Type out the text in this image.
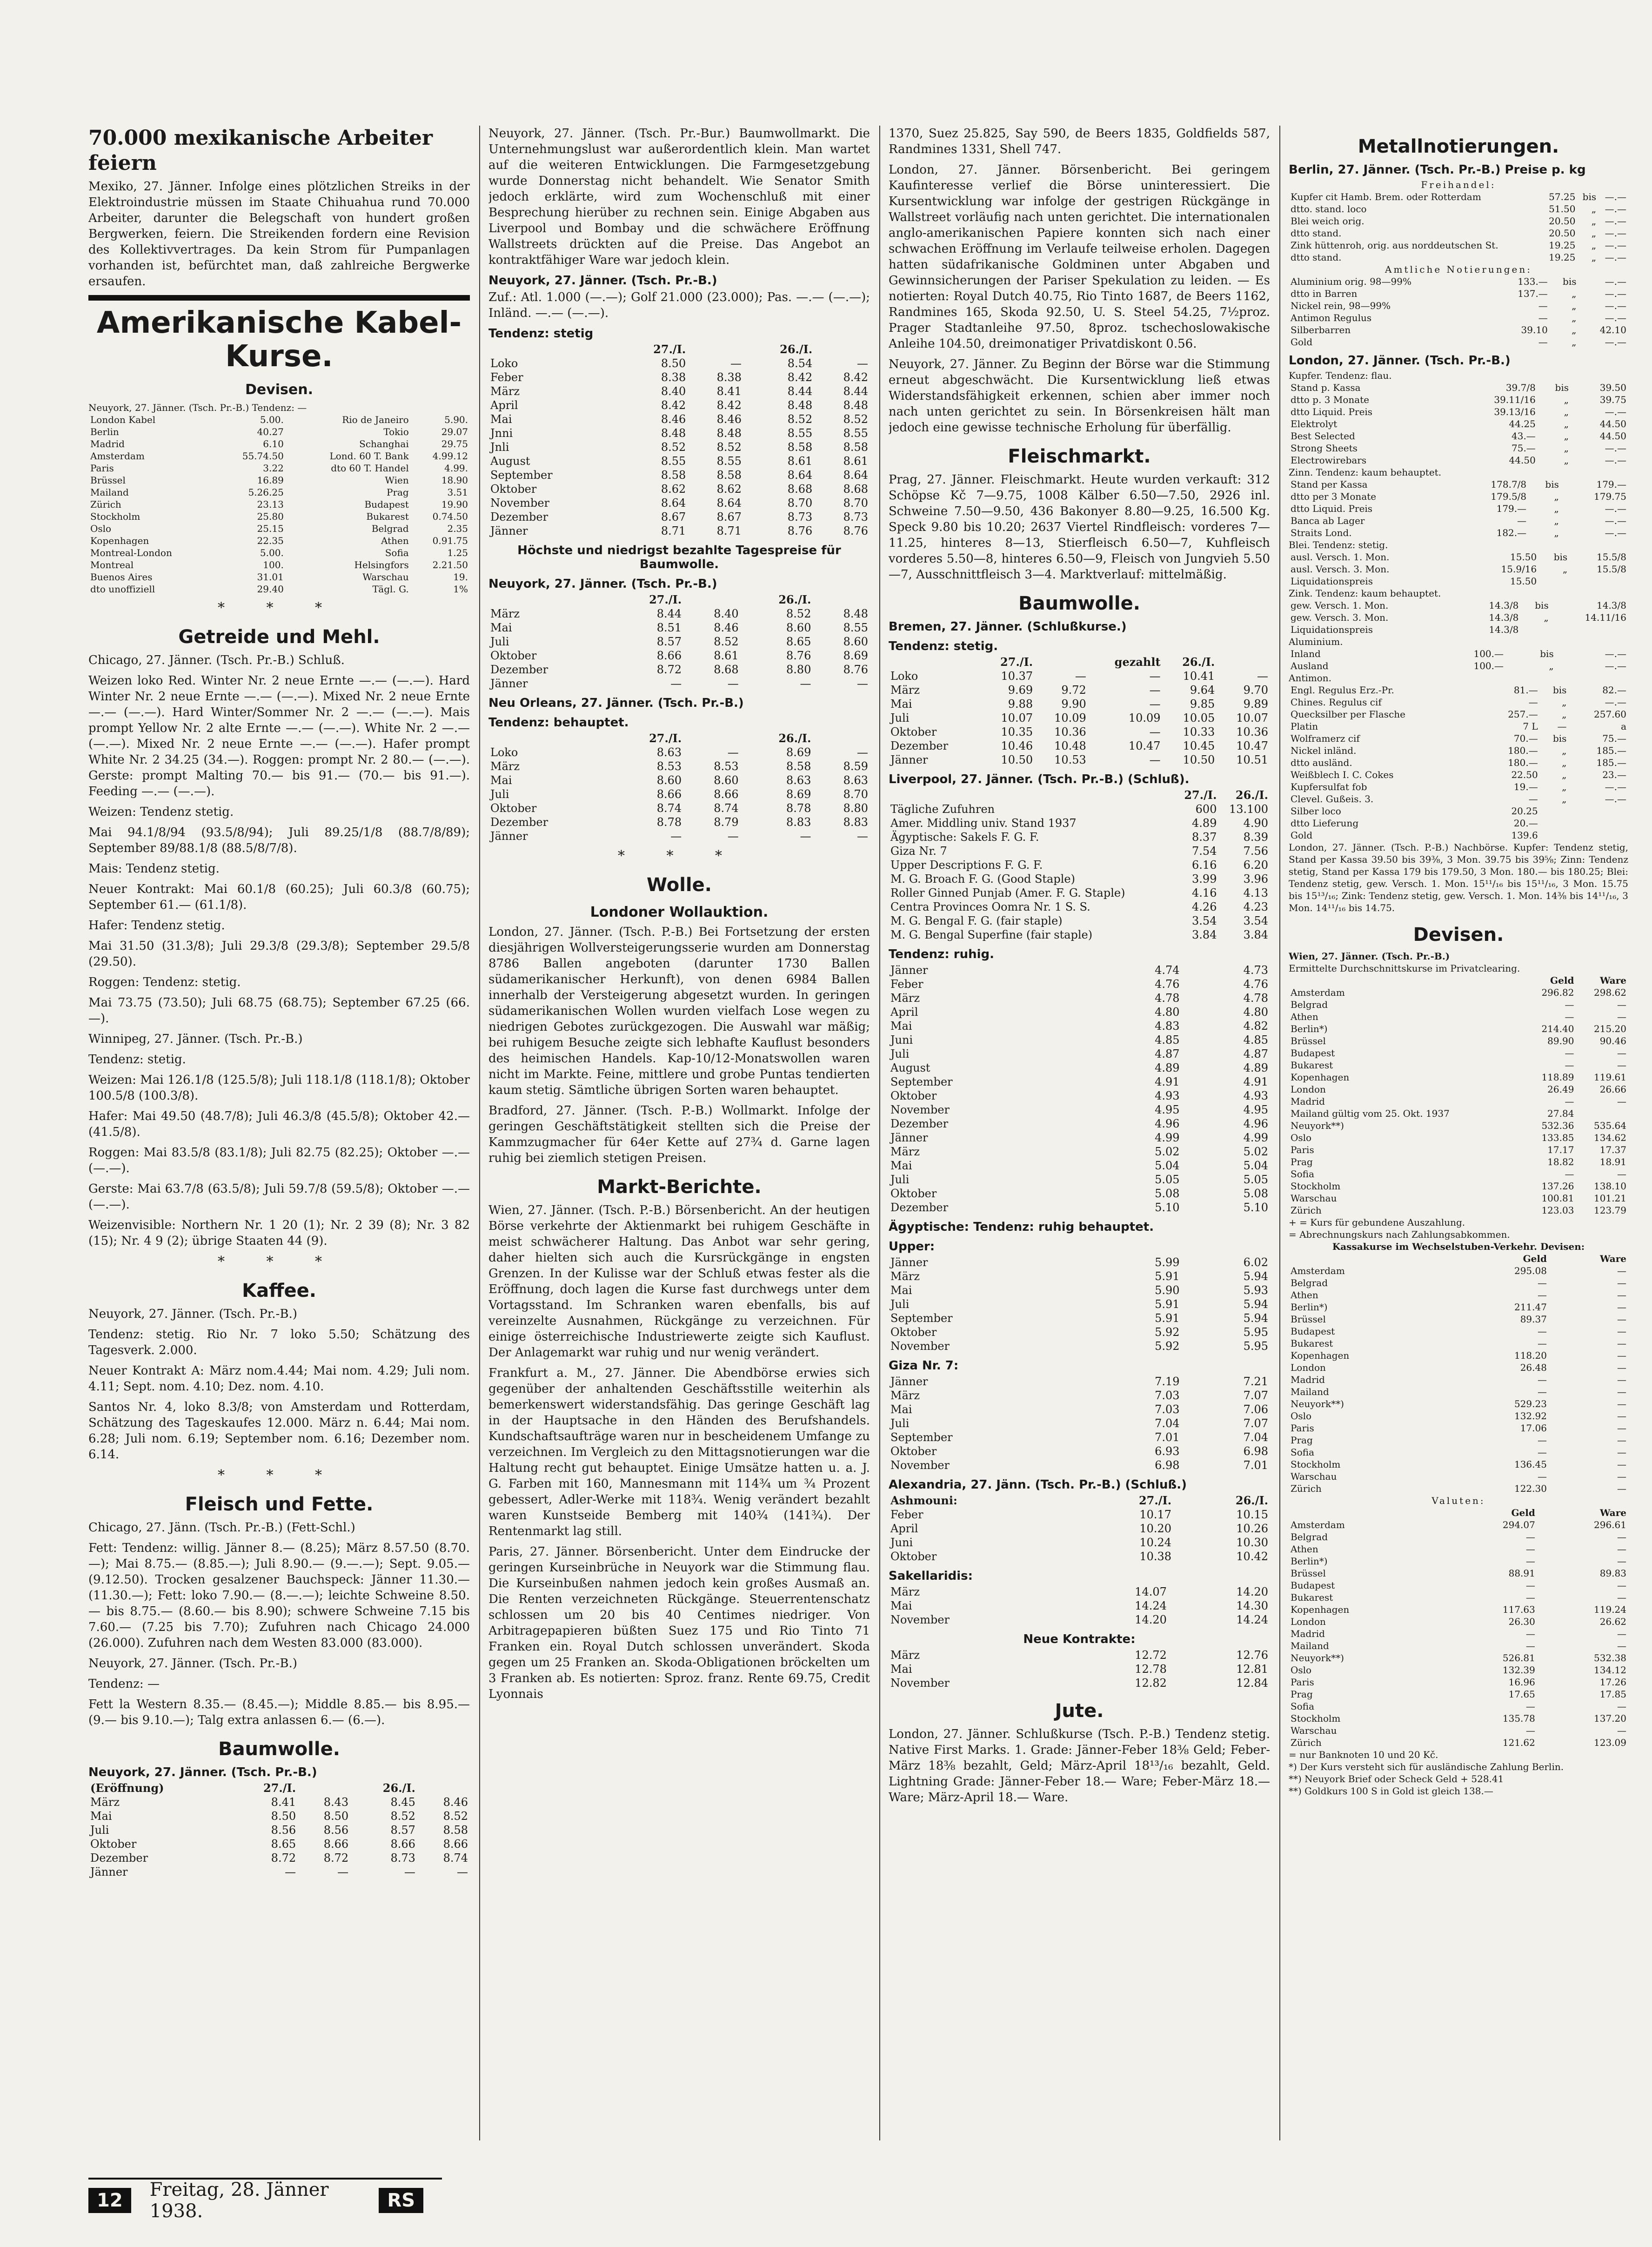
70.000 mexikanische Arbeiter feiern
Mexiko, 27. Jänner. Infolge eines plötzlichen Streiks in der Elektroindustrie müssen im Staate Chihuahua rund 70.000 Arbeiter, darunter die Belegschaft von hundert großen Bergwerken, feiern. Die Streikenden fordern eine Revision des Kollektivvertrages. Da kein Strom für Pumpanlagen vorhanden ist, befürchtet man, daß zahlreiche Bergwerke ersaufen.
Amerikanische Kabel-Kurse.
Devisen.
Neuyork, 27. Jänner. (Tsch. Pr.-B.) Tendenz: —
London Kabel	5.00.	Rio de Janeiro	5.90.
Berlin	40.27	Tokio	29.07
Madrid	6.10	Schanghai	29.75
Amsterdam	55.74.50	Lond. 60 T. Bank	4.99.12
Paris	3.22	dto 60 T. Handel	4.99.
Brüssel	16.89	Wien	18.90
Mailand	5.26.25	Prag	3.51
Zürich	23.13	Budapest	19.90
Stockholm	25.80	Bukarest	0.74.50
Oslo	25.15	Belgrad	2.35
Kopenhagen	22.35	Athen	0.91.75
Montreal-London	5.00.	Sofia	1.25
Montreal	100.	Helsingfors	2.21.50
Buenos Aires	31.01	Warschau	19.
dto unoffiziell	29.40	Tägl. G.	1%
* * *
Getreide und Mehl.
Chicago, 27. Jänner. (Tsch. Pr.-B.) Schluß.
Weizen loko Red. Winter Nr. 2 neue Ernte —.— (—.—). Hard Winter Nr. 2 neue Ernte —.— (—.—). Mixed Nr. 2 neue Ernte —.— (—.—). Hard Winter/Sommer Nr. 2 —.— (—.—). Mais prompt Yellow Nr. 2 alte Ernte —.— (—.—). White Nr. 2 —.— (—.—). Mixed Nr. 2 neue Ernte —.— (—.—). Hafer prompt White Nr. 2 34.25 (34.—). Roggen: prompt Nr. 2 80.— (—.—). Gerste: prompt Malting 70.— bis 91.— (70.— bis 91.—). Feeding —.— (—.—).
Weizen: Tendenz stetig.
Mai 94.1/8/94 (93.5/8/94); Juli 89.25/1/8 (88.7/8/89); September 89/88.1/8 (88.5/8/7/8).
Mais: Tendenz stetig.
Neuer Kontrakt: Mai 60.1/8 (60.25); Juli 60.3/8 (60.75); September 61.— (61.1/8).
Hafer: Tendenz stetig.
Mai 31.50 (31.3/8); Juli 29.3/8 (29.3/8); September 29.5/8 (29.50).
Roggen: Tendenz: stetig.
Mai 73.75 (73.50); Juli 68.75 (68.75); September 67.25 (66.—).
Winnipeg, 27. Jänner. (Tsch. Pr.-B.)
Tendenz: stetig.
Weizen: Mai 126.1/8 (125.5/8); Juli 118.1/8 (118.1/8); Oktober 100.5/8 (100.3/8).
Hafer: Mai 49.50 (48.7/8); Juli 46.3/8 (45.5/8); Oktober 42.— (41.5/8).
Roggen: Mai 83.5/8 (83.1/8); Juli 82.75 (82.25); Oktober —.— (—.—).
Gerste: Mai 63.7/8 (63.5/8); Juli 59.7/8 (59.5/8); Oktober —.— (—.—).
Weizenvisible: Northern Nr. 1 20 (1); Nr. 2 39 (8); Nr. 3 82 (15); Nr. 4 9 (2); übrige Staaten 44 (9).
* * *
Kaffee.
Neuyork, 27. Jänner. (Tsch. Pr.-B.)
Tendenz: stetig. Rio Nr. 7 loko 5.50; Schätzung des Tagesverk. 2.000.
Neuer Kontrakt A: März nom.4.44; Mai nom. 4.29; Juli nom. 4.11; Sept. nom. 4.10; Dez. nom. 4.10.
Santos Nr. 4, loko 8.3/8; von Amsterdam und Rotterdam, Schätzung des Tageskaufes 12.000. März n. 6.44; Mai nom. 6.28; Juli nom. 6.19; September nom. 6.16; Dezember nom. 6.14.
* * *
Fleisch und Fette.
Chicago, 27. Jänn. (Tsch. Pr.-B.) (Fett-Schl.)
Fett: Tendenz: willig. Jänner 8.— (8.25); März 8.57.50 (8.70.—); Mai 8.75.— (8.85.—); Juli 8.90.— (9.—.—); Sept. 9.05.— (9.12.50). Trocken gesalzener Bauchspeck: Jänner 11.30.— (11.30.—); Fett: loko 7.90.— (8.—.—); leichte Schweine 8.50.— bis 8.75.— (8.60.— bis 8.90); schwere Schweine 7.15 bis 7.60.— (7.25 bis 7.70); Zufuhren nach Chicago 24.000 (26.000). Zufuhren nach dem Westen 83.000 (83.000).
Neuyork, 27. Jänner. (Tsch. Pr.-B.)
Tendenz: —
Fett la Western 8.35.— (8.45.—); Middle 8.85.— bis 8.95.— (9.— bis 9.10.—); Talg extra anlassen 6.— (6.—).
Baumwolle.
Neuyork, 27. Jänner. (Tsch. Pr.-B.)
(Eröffnung)	27./I.		26./I.	
März	8.41	8.43	8.45	8.46
Mai	8.50	8.50	8.52	8.52
Juli	8.56	8.56	8.57	8.58
Oktober	8.65	8.66	8.66	8.66
Dezember	8.72	8.72	8.73	8.74
Jänner	—	—	—	—
Neuyork, 27. Jänner. (Tsch. Pr.-Bur.) Baumwollmarkt. Die Unternehmungslust war außerordentlich klein. Man wartet auf die weiteren Entwicklungen. Die Farmgesetzgebung wurde Donnerstag nicht behandelt. Wie Senator Smith jedoch erklärte, wird zum Wochenschluß mit einer Besprechung hierüber zu rechnen sein. Einige Abgaben aus Liverpool und Bombay und die schwächere Eröffnung Wallstreets drückten auf die Preise. Das Angebot an kontraktfähiger Ware war jedoch klein.
Neuyork, 27. Jänner. (Tsch. Pr.-B.)
Zuf.: Atl. 1.000 (—.—); Golf 21.000 (23.000); Pas. —.— (—.—); Inländ. —.— (—.—).
Tendenz: stetig
	27./I.		26./I.	
Loko	8.50	—	8.54	—
Feber	8.38	8.38	8.42	8.42
März	8.40	8.41	8.44	8.44
April	8.42	8.42	8.48	8.48
Mai	8.46	8.46	8.52	8.52
Jnni	8.48	8.48	8.55	8.55
Jnli	8.52	8.52	8.58	8.58
August	8.55	8.55	8.61	8.61
September	8.58	8.58	8.64	8.64
Oktober	8.62	8.62	8.68	8.68
November	8.64	8.64	8.70	8.70
Dezember	8.67	8.67	8.73	8.73
Jänner	8.71	8.71	8.76	8.76
Höchste und niedrigst bezahlte Tagespreise für Baumwolle.
Neuyork, 27. Jänner. (Tsch. Pr.-B.)
	27./I.		26./I.	
März	8.44	8.40	8.52	8.48
Mai	8.51	8.46	8.60	8.55
Juli	8.57	8.52	8.65	8.60
Oktober	8.66	8.61	8.76	8.69
Dezember	8.72	8.68	8.80	8.76
Jänner	—	—	—	—
Neu Orleans, 27. Jänner. (Tsch. Pr.-B.)
Tendenz: behauptet.
	27./I.		26./I.	
Loko	8.63	—	8.69	—
März	8.53	8.53	8.58	8.59
Mai	8.60	8.60	8.63	8.63
Juli	8.66	8.66	8.69	8.70
Oktober	8.74	8.74	8.78	8.80
Dezember	8.78	8.79	8.83	8.83
Jänner	—	—	—	—
* * *
Wolle.
Londoner Wollauktion.
London, 27. Jänner. (Tsch. P.-B.) Bei Fortsetzung der ersten diesjährigen Wollversteigerungsserie wurden am Donnerstag 8786 Ballen angeboten (darunter 1730 Ballen südamerikanischer Herkunft), von denen 6984 Ballen innerhalb der Versteigerung abgesetzt wurden. In geringen südamerikanischen Wollen wurden vielfach Lose wegen zu niedrigen Gebotes zurückgezogen. Die Auswahl war mäßig; bei ruhigem Besuche zeigte sich lebhafte Kauflust besonders des heimischen Handels. Kap-10/12-Monatswollen waren nicht im Markte. Feine, mittlere und grobe Puntas tendierten kaum stetig. Sämtliche übrigen Sorten waren behauptet.
Bradford, 27. Jänner. (Tsch. P.-B.) Wollmarkt. Infolge der geringen Geschäftstätigkeit stellten sich die Preise der Kammzugmacher für 64er Kette auf 27¾ d. Garne lagen ruhig bei ziemlich stetigen Preisen.
Markt-Berichte.
Wien, 27. Jänner. (Tsch. P.-B.) Börsenbericht. An der heutigen Börse verkehrte der Aktienmarkt bei ruhigem Geschäfte in meist schwächerer Haltung. Das Anbot war sehr gering, daher hielten sich auch die Kursrückgänge in engsten Grenzen. In der Kulisse war der Schluß etwas fester als die Eröffnung, doch lagen die Kurse fast durchwegs unter dem Vortagsstand. Im Schranken waren ebenfalls, bis auf vereinzelte Ausnahmen, Rückgänge zu verzeichnen. Für einige österreichische Industriewerte zeigte sich Kauflust. Der Anlagemarkt war ruhig und nur wenig verändert.
Frankfurt a. M., 27. Jänner. Die Abendbörse erwies sich gegenüber der anhaltenden Geschäftsstille weiterhin als bemerkenswert widerstandsfähig. Das geringe Geschäft lag in der Hauptsache in den Händen des Berufshandels. Kundschaftsaufträge waren nur in bescheidenem Umfange zu verzeichnen. Im Vergleich zu den Mittagsnotierungen war die Haltung recht gut behauptet. Einige Umsätze hatten u. a. J. G. Farben mit 160, Mannesmann mit 114¾ um ¾ Prozent gebessert, Adler-Werke mit 118¾. Wenig verändert bezahlt waren Kunstseide Bemberg mit 140¾ (141¾). Der Rentenmarkt lag still.
Paris, 27. Jänner. Börsenbericht. Unter dem Eindrucke der geringen Kurseinbrüche in Neuyork war die Stimmung flau. Die Kurseinbußen nahmen jedoch kein großes Ausmaß an. Die Renten verzeichneten Rückgänge. Steuerrentenschatz schlossen um 20 bis 40 Centimes niedriger. Von Arbitragepapieren büßten Suez 175 und Rio Tinto 71 Franken ein. Royal Dutch schlossen unverändert. Skoda gegen um 25 Franken an. Skoda-Obligationen bröckelten um 3 Franken ab. Es notierten: Sproz. franz. Rente 69.75, Credit Lyonnais
1370, Suez 25.825, Say 590, de Beers 1835, Goldfields 587, Randmines 1331, Shell 747.
London, 27. Jänner. Börsenbericht. Bei geringem Kaufinteresse verlief die Börse uninteressiert. Die Kursentwicklung war infolge der gestrigen Rückgänge in Wallstreet vorläufig nach unten gerichtet. Die internationalen anglo-amerikanischen Papiere konnten sich nach einer schwachen Eröffnung im Verlaufe teilweise erholen. Dagegen hatten südafrikanische Goldminen unter Abgaben und Gewinnsicherungen der Pariser Spekulation zu leiden. — Es notierten: Royal Dutch 40.75, Rio Tinto 1687, de Beers 1162, Randmines 165, Skoda 92.50, U. S. Steel 54.25, 7½proz. Prager Stadtanleihe 97.50, 8proz. tschechoslowakische Anleihe 104.50, dreimonatiger Privatdiskont 0.56.
Neuyork, 27. Jänner. Zu Beginn der Börse war die Stimmung erneut abgeschwächt. Die Kursentwicklung ließ etwas Widerstandsfähigkeit erkennen, schien aber immer noch nach unten gerichtet zu sein. In Börsenkreisen hält man jedoch eine gewisse technische Erholung für überfällig.
Fleischmarkt.
Prag, 27. Jänner. Fleischmarkt. Heute wurden verkauft: 312 Schöpse Kč 7—9.75, 1008 Kälber 6.50—7.50, 2926 inl. Schweine 7.50—9.50, 436 Bakonyer 8.80—9.25, 16.500 Kg. Speck 9.80 bis 10.20; 2637 Viertel Rindfleisch: vorderes 7—11.25, hinteres 8—13, Stierfleisch 6.50—7, Kuhfleisch vorderes 5.50—8, hinteres 6.50—9, Fleisch von Jungvieh 5.50—7, Ausschnittfleisch 3—4. Marktverlauf: mittelmäßig.
Baumwolle.
Bremen, 27. Jänner. (Schlußkurse.)
Tendenz: stetig.
	27./I.		gezahlt	26./I.	
Loko	10.37	—	—	10.41	—
März	9.69	9.72	—	9.64	9.70
Mai	9.88	9.90	—	9.85	9.89
Juli	10.07	10.09	10.09	10.05	10.07
Oktober	10.35	10.36	—	10.33	10.36
Dezember	10.46	10.48	10.47	10.45	10.47
Jänner	10.50	10.53	—	10.50	10.51
Liverpool, 27. Jänner. (Tsch. Pr.-B.) (Schluß).
	27./I.	26./I.
Tägliche Zufuhren	600	13.100
Amer. Middling univ. Stand 1937	4.89	4.90
Ägyptische: Sakels F. G. F.	8.37	8.39
Giza Nr. 7	7.54	7.56
Upper Descriptions F. G. F.	6.16	6.20
M. G. Broach F. G. (Good Staple)	3.99	3.96
Roller Ginned Punjab (Amer. F. G. Staple)	4.16	4.13
Centra Provinces Oomra Nr. 1 S. S.	4.26	4.23
M. G. Bengal F. G. (fair staple)	3.54	3.54
M. G. Bengal Superfine (fair staple)	3.84	3.84
Tendenz: ruhig.
Jänner	4.74	4.73
Feber	4.76	4.76
März	4.78	4.78
April	4.80	4.80
Mai	4.83	4.82
Juni	4.85	4.85
Juli	4.87	4.87
August	4.89	4.89
September	4.91	4.91
Oktober	4.93	4.93
November	4.95	4.95
Dezember	4.96	4.96
Jänner	4.99	4.99
März	5.02	5.02
Mai	5.04	5.04
Juli	5.05	5.05
Oktober	5.08	5.08
Dezember	5.10	5.10
Ägyptische: Tendenz: ruhig behauptet.
Upper:
Jänner	5.99	6.02
März	5.91	5.94
Mai	5.90	5.93
Juli	5.91	5.94
September	5.91	5.94
Oktober	5.92	5.95
November	5.92	5.95
Giza Nr. 7:
Jänner	7.19	7.21
März	7.03	7.07
Mai	7.03	7.06
Juli	7.04	7.07
September	7.01	7.04
Oktober	6.93	6.98
November	6.98	7.01
Alexandria, 27. Jänn. (Tsch. Pr.-B.) (Schluß.)
Ashmouni:	27./I.	26./I.
Feber	10.17	10.15
April	10.20	10.26
Juni	10.24	10.30
Oktober	10.38	10.42
Sakellaridis:
März	14.07	14.20
Mai	14.24	14.30
November	14.20	14.24
Neue Kontrakte:
März	12.72	12.76
Mai	12.78	12.81
November	12.82	12.84
Jute.
London, 27. Jänner. Schlußkurse (Tsch. P.-B.) Tendenz stetig. Native First Marks. 1. Grade: Jänner-Feber 18⅜ Geld; Feber-März 18⅜ bezahlt, Geld; März-April 18¹³/₁₆ bezahlt, Geld. Lightning Grade: Jänner-Feber 18.— Ware; Feber-März 18.— Ware; März-April 18.— Ware.
Metallnotierungen.
Berlin, 27. Jänner. (Tsch. Pr.-B.) Preise p. kg
Freihandel:
Kupfer cit Hamb. Brem. oder Rotterdam	57.25	bis	—.—
dtto. stand. loco	51.50	„	—.—
Blei weich orig.	20.50	„	—.—
dtto stand.	20.50	„	—.—
Zink hüttenroh, orig. aus norddeutschen St.	19.25	„	—.—
dtto stand.	19.25	„	—.—
Amtliche Notierungen:
Aluminium orig. 98—99%	133.—	bis	—.—
dtto in Barren	137.—	„	—.—
Nickel rein, 98—99%	—	„	—.—
Antimon Regulus	—	„	—.—
Silberbarren	39.10	„	42.10
Gold	—	„	—.—
London, 27. Jänner. (Tsch. Pr.-B.)
Kupfer. Tendenz: flau.
Stand p. Kassa	39.7/8	bis	39.50
dtto p. 3 Monate	39.11/16	„	39.75
dtto Liquid. Preis	39.13/16	„	—.—
Elektrolyt	44.25	„	44.50
Best Selected	43.—	„	44.50
Strong Sheets	75.—	„	—.—
Electrowirebars	44.50	„	—.—
Zinn. Tendenz: kaum behauptet.
Stand per Kassa	178.7/8	bis	179.—
dtto per 3 Monate	179.5/8	„	179.75
dtto Liquid. Preis	179.—	„	—.—
Banca ab Lager	—	„	—.—
Straits Lond.	182.—	„	—.—
Blei. Tendenz: stetig.
ausl. Versch. 1. Mon.	15.50	bis	15.5/8
ausl. Versch. 3. Mon.	15.9/16	„	15.5/8
Liquidationspreis	15.50		
Zink. Tendenz: kaum behauptet.
gew. Versch. 1. Mon.	14.3/8	bis	14.3/8
gew. Versch. 3. Mon.	14.3/8	„	14.11/16
Liquidationspreis	14.3/8		
Aluminium.
Inland	100.—	bis	—.—
Ausland	100.—	„	—.—
Antimon.
Engl. Regulus Erz.-Pr.	81.—	bis	82.—
Chines. Regulus cif	—	„	—.—
Quecksilber per Flasche	257.—	„	257.60
Platin	7 L	—	a
Wolframerz cif	70.—	bis	75.—
Nickel inländ.	180.—	„	185.—
dtto ausländ.	180.—	„	185.—
Weißblech I. C. Cokes	22.50	„	23.—
Kupfersulfat fob	19.—	„	—.—
Clevel. Gußeis. 3.	—	„	—.—
Silber loco	20.25		
dtto Lieferung	20.—		
Gold	139.6		
London, 27. Jänner. (Tsch. P.-B.) Nachbörse. Kupfer: Tendenz stetig, Stand per Kassa 39.50 bis 39⅜, 3 Mon. 39.75 bis 39⅝; Zinn: Tendenz stetig, Stand per Kassa 179 bis 179.50, 3 Mon. 180.— bis 180.25; Blei: Tendenz stetig, gew. Versch. 1. Mon. 15¹¹/₁₆ bis 15¹¹/₁₆, 3 Mon. 15.75 bis 15¹³/₁₆; Zink: Tendenz stetig, gew. Versch. 1. Mon. 14⅜ bis 14¹¹/₁₆, 3 Mon. 14¹¹/₁₆ bis 14.75.
Devisen.
Wien, 27. Jänner. (Tsch. Pr.-B.)
Ermittelte Durchschnittskurse im Privatclearing.
	Geld	Ware
Amsterdam	296.82	298.62
Belgrad	—	—
Athen	—	—
Berlin*)	214.40	215.20
Brüssel	89.90	90.46
Budapest	—	—
Bukarest	—	—
Kopenhagen	118.89	119.61
London	26.49	26.66
Madrid	—	—
Mailand gültig vom 25. Okt. 1937	27.84	
Neuyork**)	532.36	535.64
Oslo	133.85	134.62
Paris	17.17	17.37
Prag	18.82	18.91
Sofia	—	—
Stockholm	137.26	138.10
Warschau	100.81	101.21
Zürich	123.03	123.79
+ = Kurs für gebundene Auszahlung.
= Abrechnungskurs nach Zahlungsabkommen.
Kassakurse im Wechselstuben-Verkehr. Devisen:
	Geld	Ware
Amsterdam	295.08	—
Belgrad	—	—
Athen	—	—
Berlin*)	211.47	—
Brüssel	89.37	—
Budapest	—	—
Bukarest	—	—
Kopenhagen	118.20	—
London	26.48	—
Madrid	—	—
Mailand	—	—
Neuyork**)	529.23	—
Oslo	132.92	—
Paris	17.06	—
Prag	—	—
Sofia	—	—
Stockholm	136.45	—
Warschau	—	—
Zürich	122.30	—
Valuten:
	Geld	Ware
Amsterdam	294.07	296.61
Belgrad	—	—
Athen	—	—
Berlin*)	—	—
Brüssel	88.91	89.83
Budapest	—	—
Bukarest	—	—
Kopenhagen	117.63	119.24
London	26.30	26.62
Madrid	—	—
Mailand	—	—
Neuyork**)	526.81	532.38
Oslo	132.39	134.12
Paris	16.96	17.26
Prag	17.65	17.85
Sofia	—	—
Stockholm	135.78	137.20
Warschau	—	—
Zürich	121.62	123.09
= nur Banknoten 10 und 20 Kč.
*) Der Kurs versteht sich für ausländische Zahlung Berlin.
**) Neuyork Brief oder Scheck Geld + 528.41
**) Goldkurs 100 S in Gold ist gleich 138.—
12	Freitag, 28. Jänner 1938.	RS
